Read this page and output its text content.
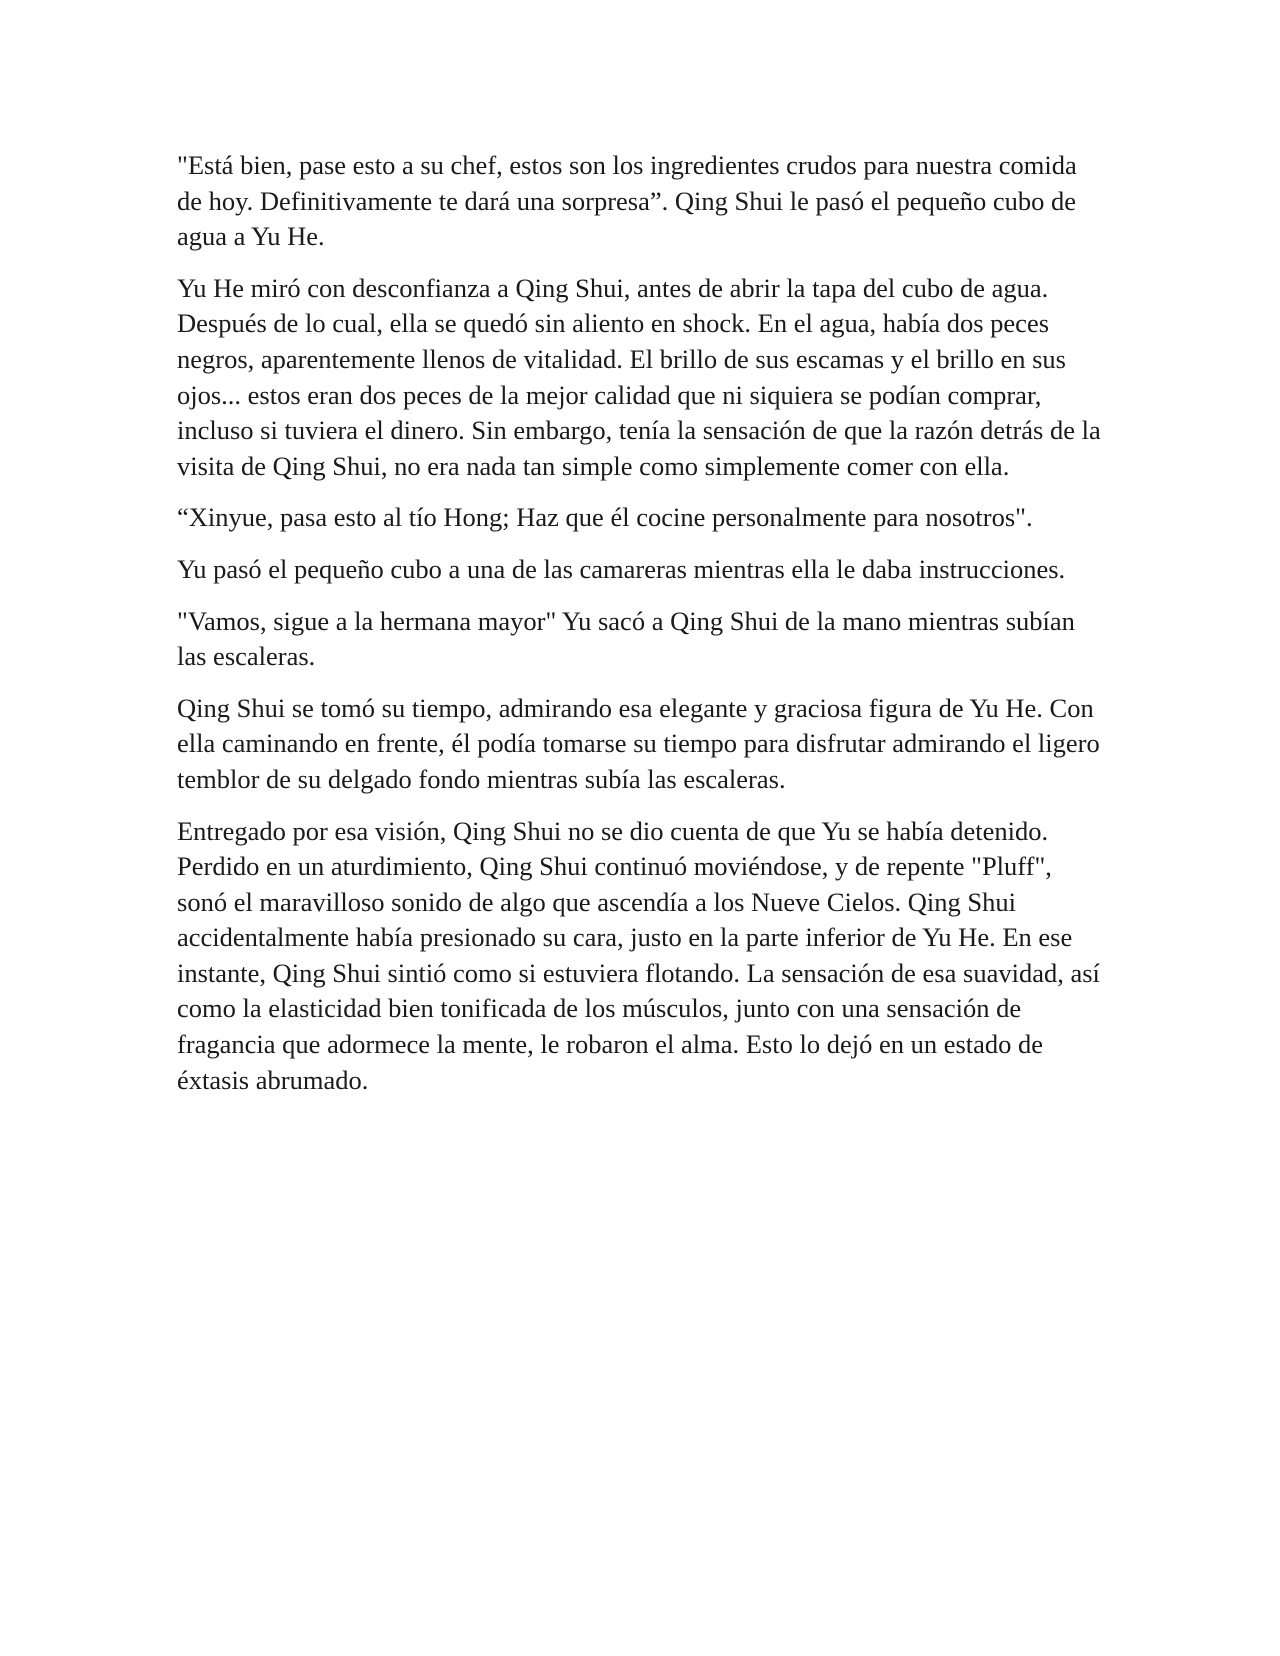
"Está bien, pase esto a su chef, estos son los ingredientes crudos para nuestra comida de hoy. Definitivamente te dará una sorpresa”. Qing Shui le pasó el pequeño cubo de agua a Yu He.

Yu He miró con desconfianza a Qing Shui, antes de abrir la tapa del cubo de agua. Después de lo cual, ella se quedó sin aliento en shock. En el agua, había dos peces negros, aparentemente llenos de vitalidad. El brillo de sus escamas y el brillo en sus ojos... estos eran dos peces de la mejor calidad que ni siquiera se podían comprar, incluso si tuviera el dinero. Sin embargo, tenía la sensación de que la razón detrás de la visita de Qing Shui, no era nada tan simple como simplemente comer con ella.

“Xinyue, pasa esto al tío Hong; Haz que él cocine personalmente para nosotros".

Yu pasó el pequeño cubo a una de las camareras mientras ella le daba instrucciones.

"Vamos, sigue a la hermana mayor" Yu sacó a Qing Shui de la mano mientras subían las escaleras.

Qing Shui se tomó su tiempo, admirando esa elegante y graciosa figura de Yu He. Con ella caminando en frente, él podía tomarse su tiempo para disfrutar admirando el ligero temblor de su delgado fondo mientras subía las escaleras.

Entregado por esa visión, Qing Shui no se dio cuenta de que Yu se había detenido. Perdido en un aturdimiento, Qing Shui continuó moviéndose, y de repente "Pluff", sonó el maravilloso sonido de algo que ascendía a los Nueve Cielos. Qing Shui accidentalmente había presionado su cara, justo en la parte inferior de Yu He. En ese instante, Qing Shui sintió como si estuviera flotando. La sensación de esa suavidad, así como la elasticidad bien tonificada de los músculos, junto con una sensación de fragancia que adormece la mente, le robaron el alma. Esto lo dejó en un estado de éxtasis abrumado.
